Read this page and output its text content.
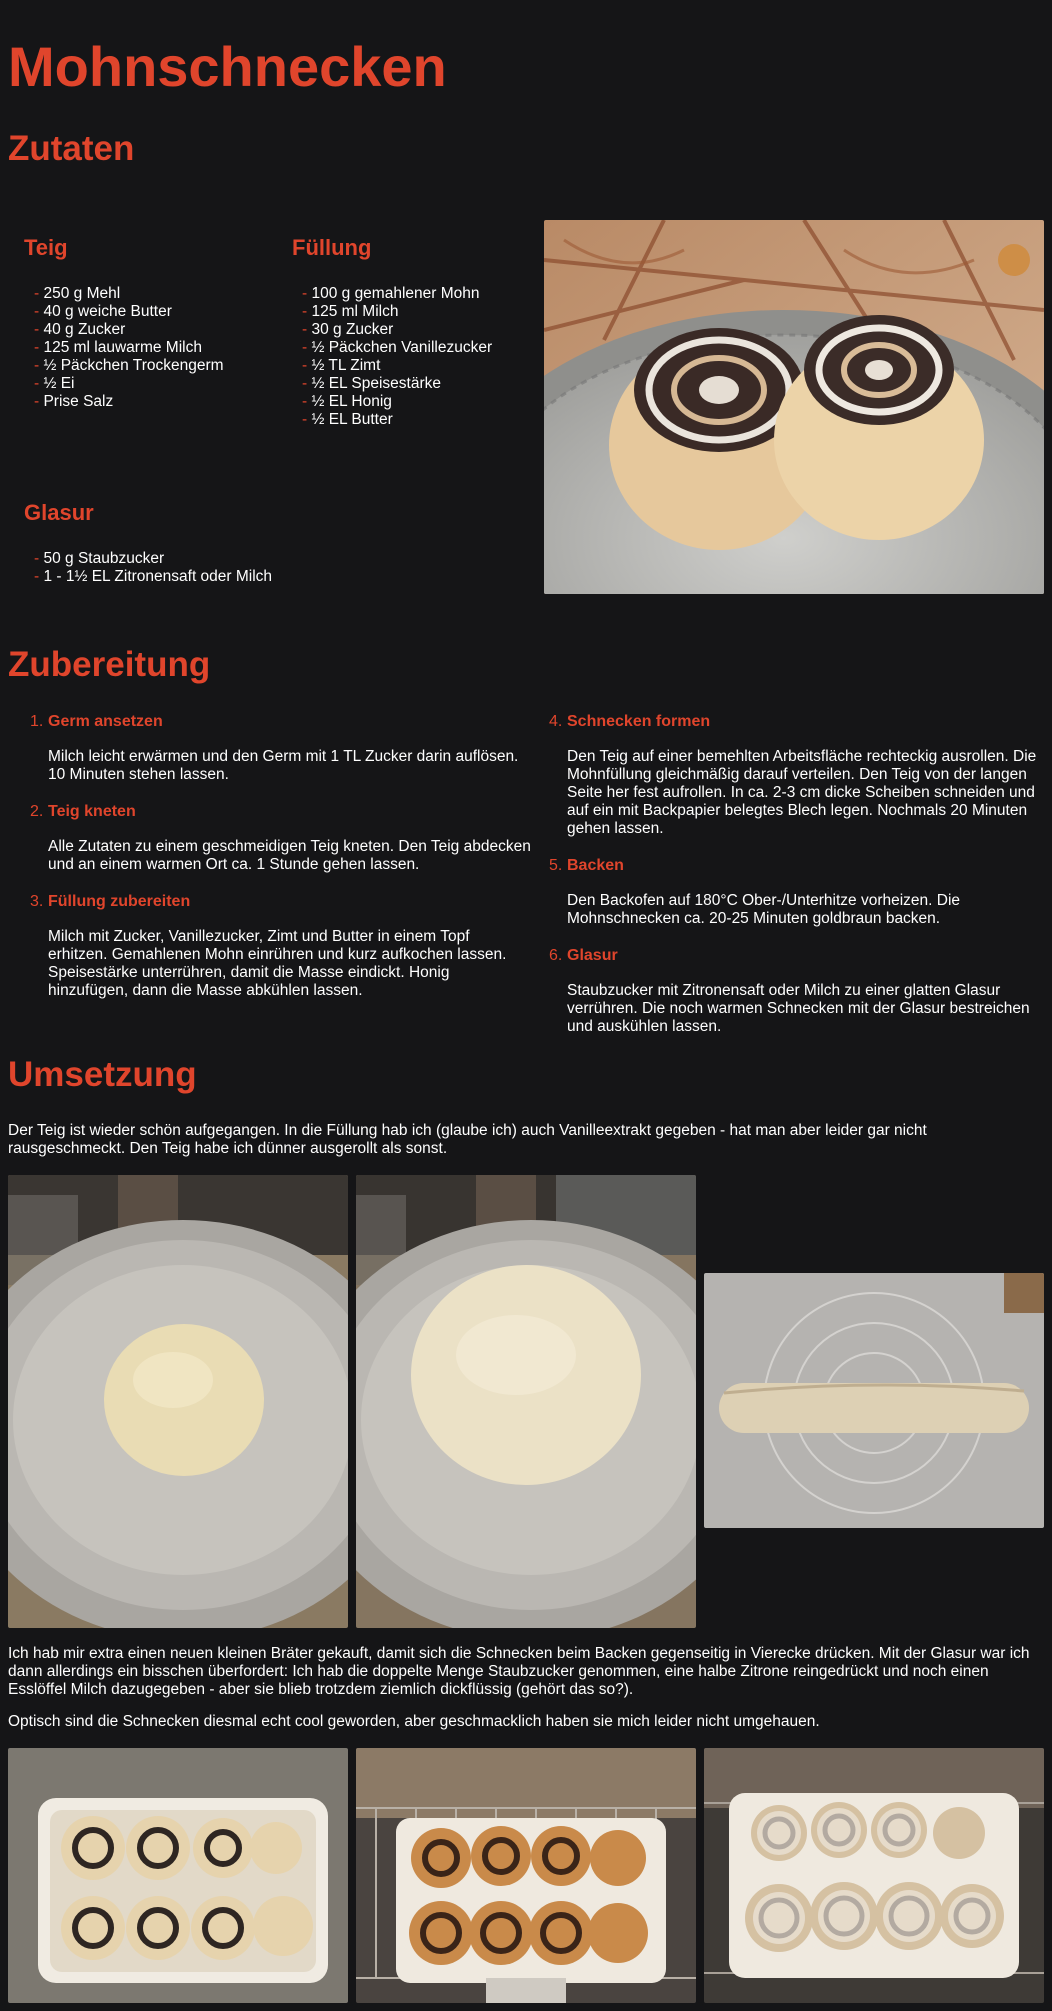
Mohnschnecken
Zutaten
Teig
- 250 g Mehl
- 40 g weiche Butter
- 40 g Zucker
- 125 ml lauwarme Milch
- ½ Päckchen Trockengerm
- ½ Ei
- Prise Salz
Füllung
- 100 g gemahlener Mohn
- 125 ml Milch
- 30 g Zucker
- ½ Päckchen Vanillezucker
- ½ TL Zimt
- ½ EL Speisestärke
- ½ EL Honig
- ½ EL Butter
Glasur
- 50 g Staubzucker
- 1 - 1½ EL Zitronensaft oder Milch
Zubereitung
1. Germ ansetzen
Milch leicht erwärmen und den Germ mit 1 TL Zucker darin auflösen. 10 Minuten stehen lassen.
2. Teig kneten
Alle Zutaten zu einem geschmeidigen Teig kneten. Den Teig abdecken und an einem warmen Ort ca. 1 Stunde gehen lassen.
3. Füllung zubereiten
Milch mit Zucker, Vanillezucker, Zimt und Butter in einem Topf erhitzen. Gemahlenen Mohn einrühren und kurz aufkochen lassen. Speisestärke unterrühren, damit die Masse eindickt. Honig hinzufügen, dann die Masse abkühlen lassen.
4. Schnecken formen
Den Teig auf einer bemehlten Arbeitsfläche rechteckig ausrollen. Die Mohnfüllung gleichmäßig darauf verteilen. Den Teig von der langen Seite her fest aufrollen. In ca. 2-3 cm dicke Scheiben schneiden und auf ein mit Backpapier belegtes Blech legen. Nochmals 20 Minuten gehen lassen.
5. Backen
Den Backofen auf 180°C Ober-/Unterhitze vorheizen. Die Mohnschnecken ca. 20-25 Minuten goldbraun backen.
6. Glasur
Staubzucker mit Zitronensaft oder Milch zu einer glatten Glasur verrühren. Die noch warmen Schnecken mit der Glasur bestreichen und auskühlen lassen.
Umsetzung

Der Teig ist wieder schön aufgegangen. In die Füllung hab ich (glaube ich) auch Vanilleextrakt gegeben - hat man aber leider gar nicht rausgeschmeckt. Den Teig habe ich dünner ausgerollt als sonst.

Ich hab mir extra einen neuen kleinen Bräter gekauft, damit sich die Schnecken beim Backen gegenseitig in Vierecke drücken. Mit der Glasur war ich dann allerdings ein bisschen überfordert: Ich hab die doppelte Menge Staubzucker genommen, eine halbe Zitrone reingedrückt und noch einen Esslöffel Milch dazugegeben - aber sie blieb trotzdem ziemlich dickflüssig (gehört das so?).

Optisch sind die Schnecken diesmal echt cool geworden, aber geschmacklich haben sie mich leider nicht umgehauen.
